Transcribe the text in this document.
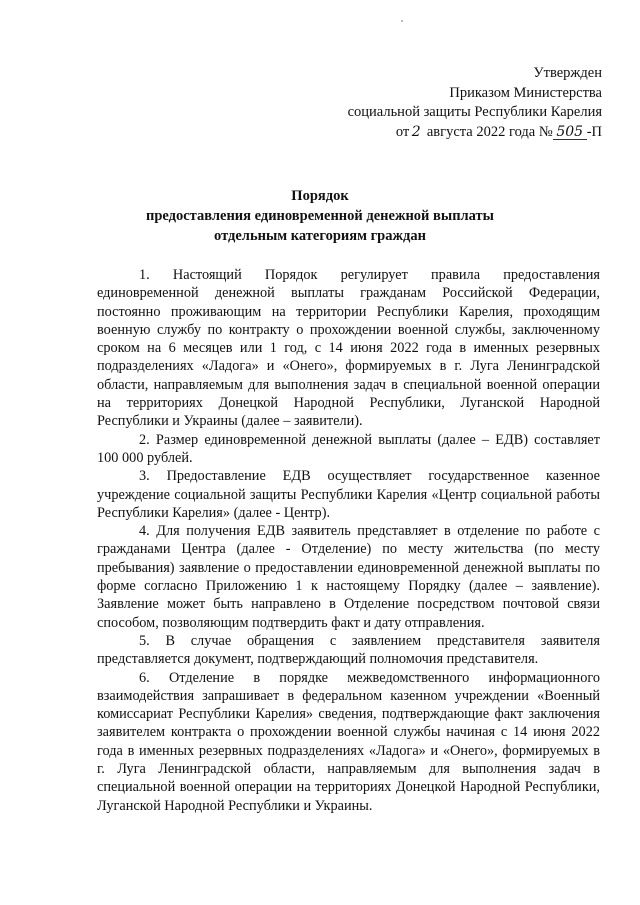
Утвержден
Приказом Министерства
социальной защиты Республики Карелия
от 2 августа 2022 года № 505 -П
Порядок
предоставления единовременной денежной выплаты
отдельным категориям граждан

1. Настоящий Порядок регулирует правила предоставления единовременной денежной выплаты гражданам Российской Федерации, постоянно проживающим на территории Республики Карелия, проходящим военную службу по контракту о прохождении военной службы, заключенному сроком на 6 месяцев или 1 год, с 14 июня 2022 года в именных резервных подразделениях «Ладога» и «Онего», формируемых в г. Луга Ленинградской области, направляемым для выполнения задач в специальной военной операции на территориях Донецкой Народной Республики, Луганской Народной Республики и Украины (далее – заявители).

2. Размер единовременной денежной выплаты (далее – ЕДВ) составляет 100 000 рублей.

3. Предоставление ЕДВ осуществляет государственное казенное учреждение социальной защиты Республики Карелия «Центр социальной работы Республики Карелия» (далее - Центр).

4. Для получения ЕДВ заявитель представляет в отделение по работе с гражданами Центра (далее - Отделение) по месту жительства (по месту пребывания) заявление о предоставлении единовременной денежной выплаты по форме согласно Приложению 1 к настоящему Порядку (далее – заявление). Заявление может быть направлено в Отделение посредством почтовой связи способом, позволяющим подтвердить факт и дату отправления.

5. В случае обращения с заявлением представителя заявителя представляется документ, подтверждающий полномочия представителя.

6. Отделение в порядке межведомственного информационного взаимодействия запрашивает в федеральном казенном учреждении «Военный комиссариат Республики Карелия» сведения, подтверждающие факт заключения заявителем контракта о прохождении военной службы начиная с 14 июня 2022 года в именных резервных подразделениях «Ладога» и «Онего», формируемых в г. Луга Ленинградской области, направляемым для выполнения задач в специальной военной операции на территориях Донецкой Народной Республики, Луганской Народной Республики и Украины.
